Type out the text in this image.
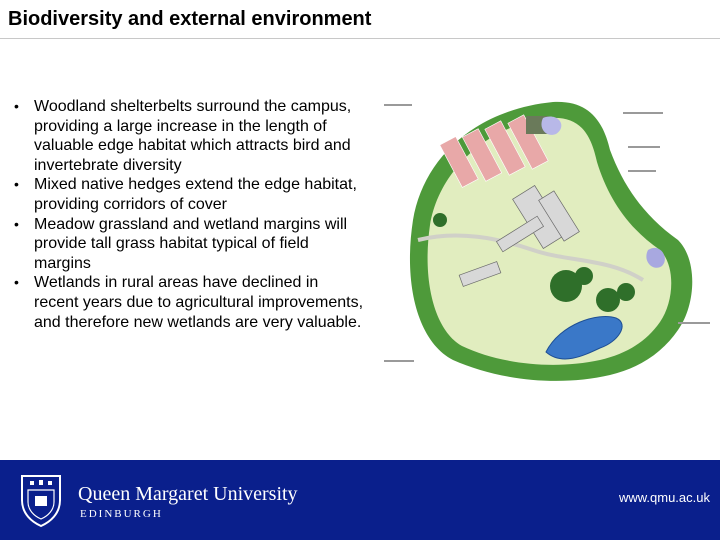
Biodiversity and external environment
• Woodland shelterbelts surround the campus, providing a large increase in the length of valuable edge habitat which attracts bird and invertebrate diversity
• Mixed native hedges extend the edge habitat, providing corridors of cover
• Meadow grassland and wetland margins will provide tall grass habitat typical of field margins
• Wetlands in rural areas have declined in recent years due to agricultural improvements, and therefore new wetlands are very valuable.
Queen Margaret University
EDINBURGH
www.qmu.ac.uk
